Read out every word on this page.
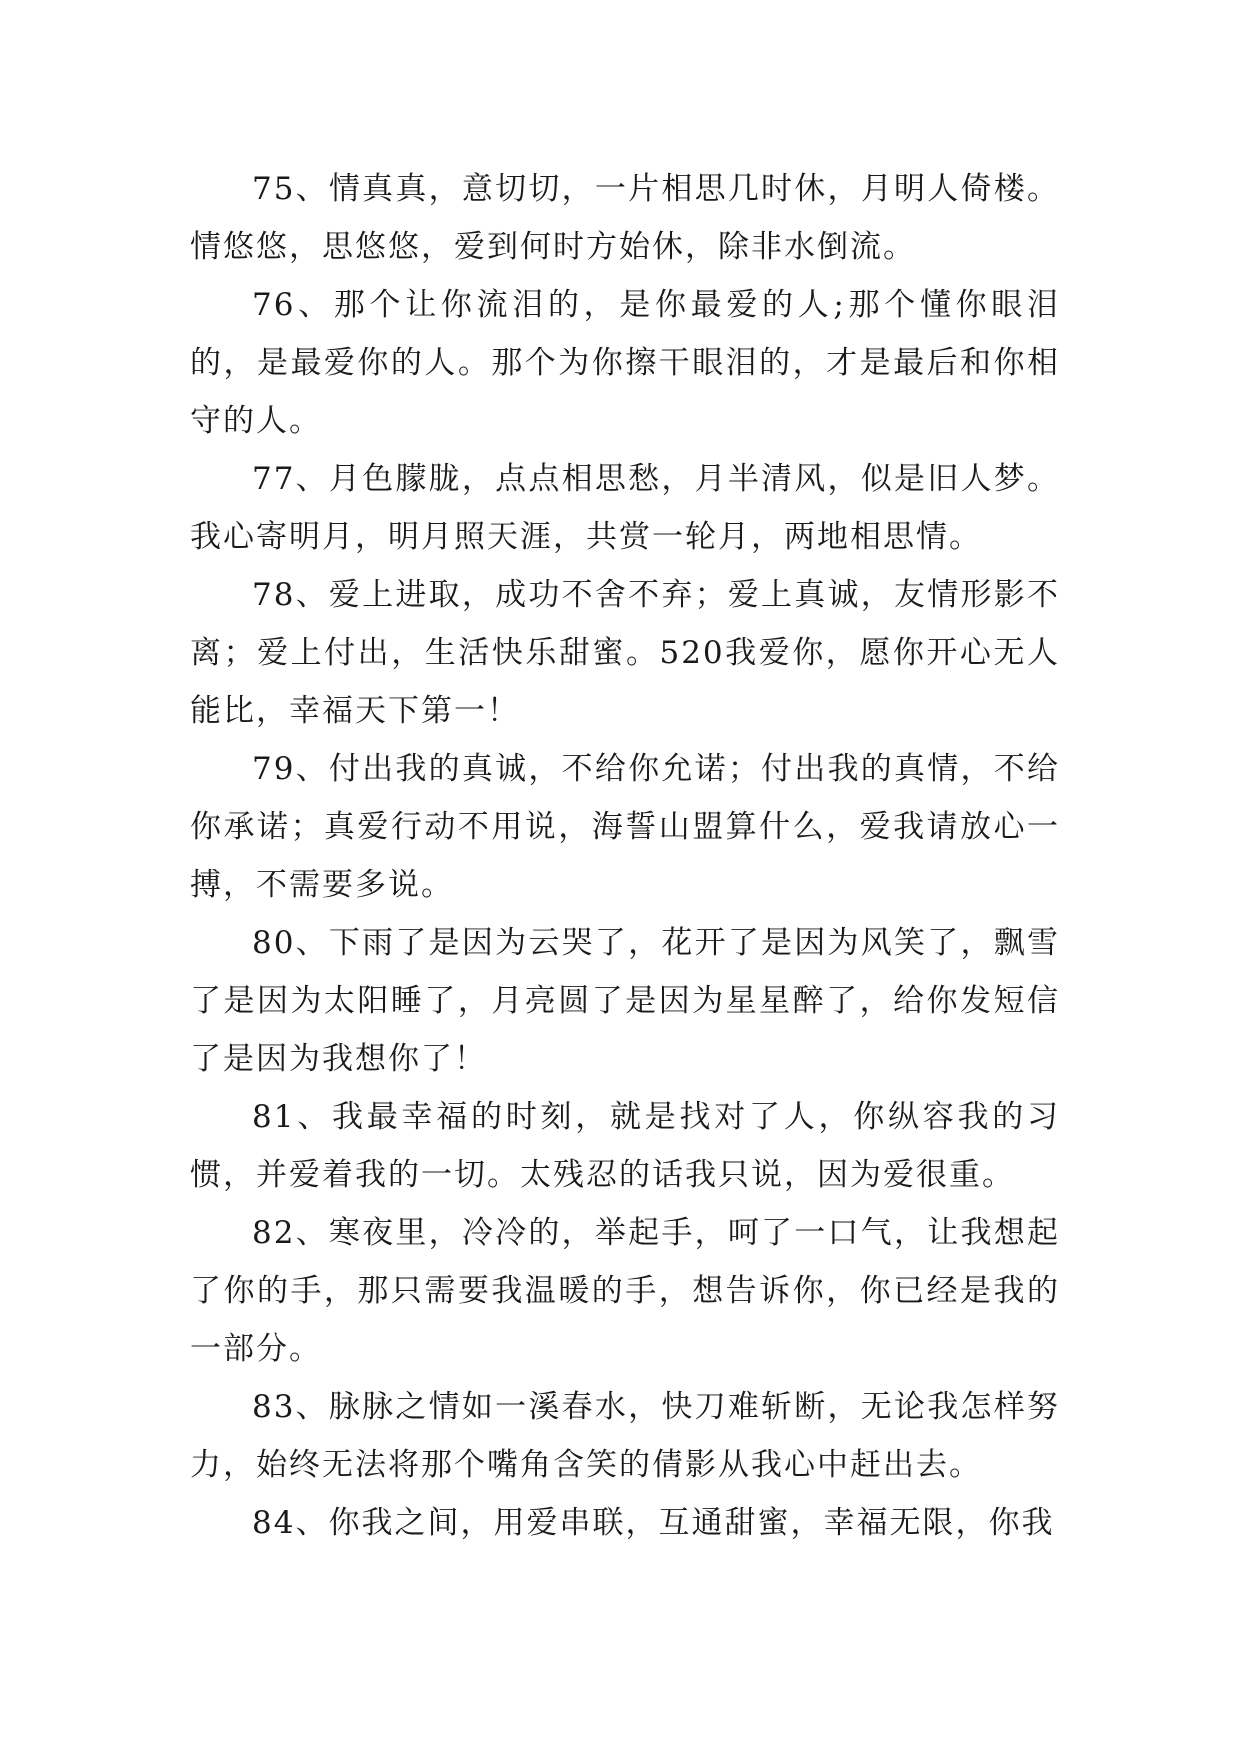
75、情真真，意切切，一片相思几时休，月明人倚楼。情悠悠，思悠悠，爱到何时方始休，除非水倒流。

76、那个让你流泪的，是你最爱的人;那个懂你眼泪的，是最爱你的人。那个为你擦干眼泪的，才是最后和你相守的人。

77、月色朦胧，点点相思愁，月半清风，似是旧人梦。我心寄明月，明月照天涯，共赏一轮月，两地相思情。

78、爱上进取，成功不舍不弃；爱上真诚，友情形影不离；爱上付出，生活快乐甜蜜。520我爱你，愿你开心无人能比，幸福天下第一！

79、付出我的真诚，不给你允诺；付出我的真情，不给你承诺；真爱行动不用说，海誓山盟算什么，爱我请放心一搏，不需要多说。

80、下雨了是因为云哭了，花开了是因为风笑了，飘雪了是因为太阳睡了，月亮圆了是因为星星醉了，给你发短信了是因为我想你了！

81、我最幸福的时刻，就是找对了人，你纵容我的习惯，并爱着我的一切。太残忍的话我只说，因为爱很重。

82、寒夜里，冷冷的，举起手，呵了一口气，让我想起了你的手，那只需要我温暖的手，想告诉你，你已经是我的一部分。

83、脉脉之情如一溪春水，快刀难斩断，无论我怎样努力，始终无法将那个嘴角含笑的倩影从我心中赶出去。

84、你我之间，用爱串联，互通甜蜜，幸福无限，你我
